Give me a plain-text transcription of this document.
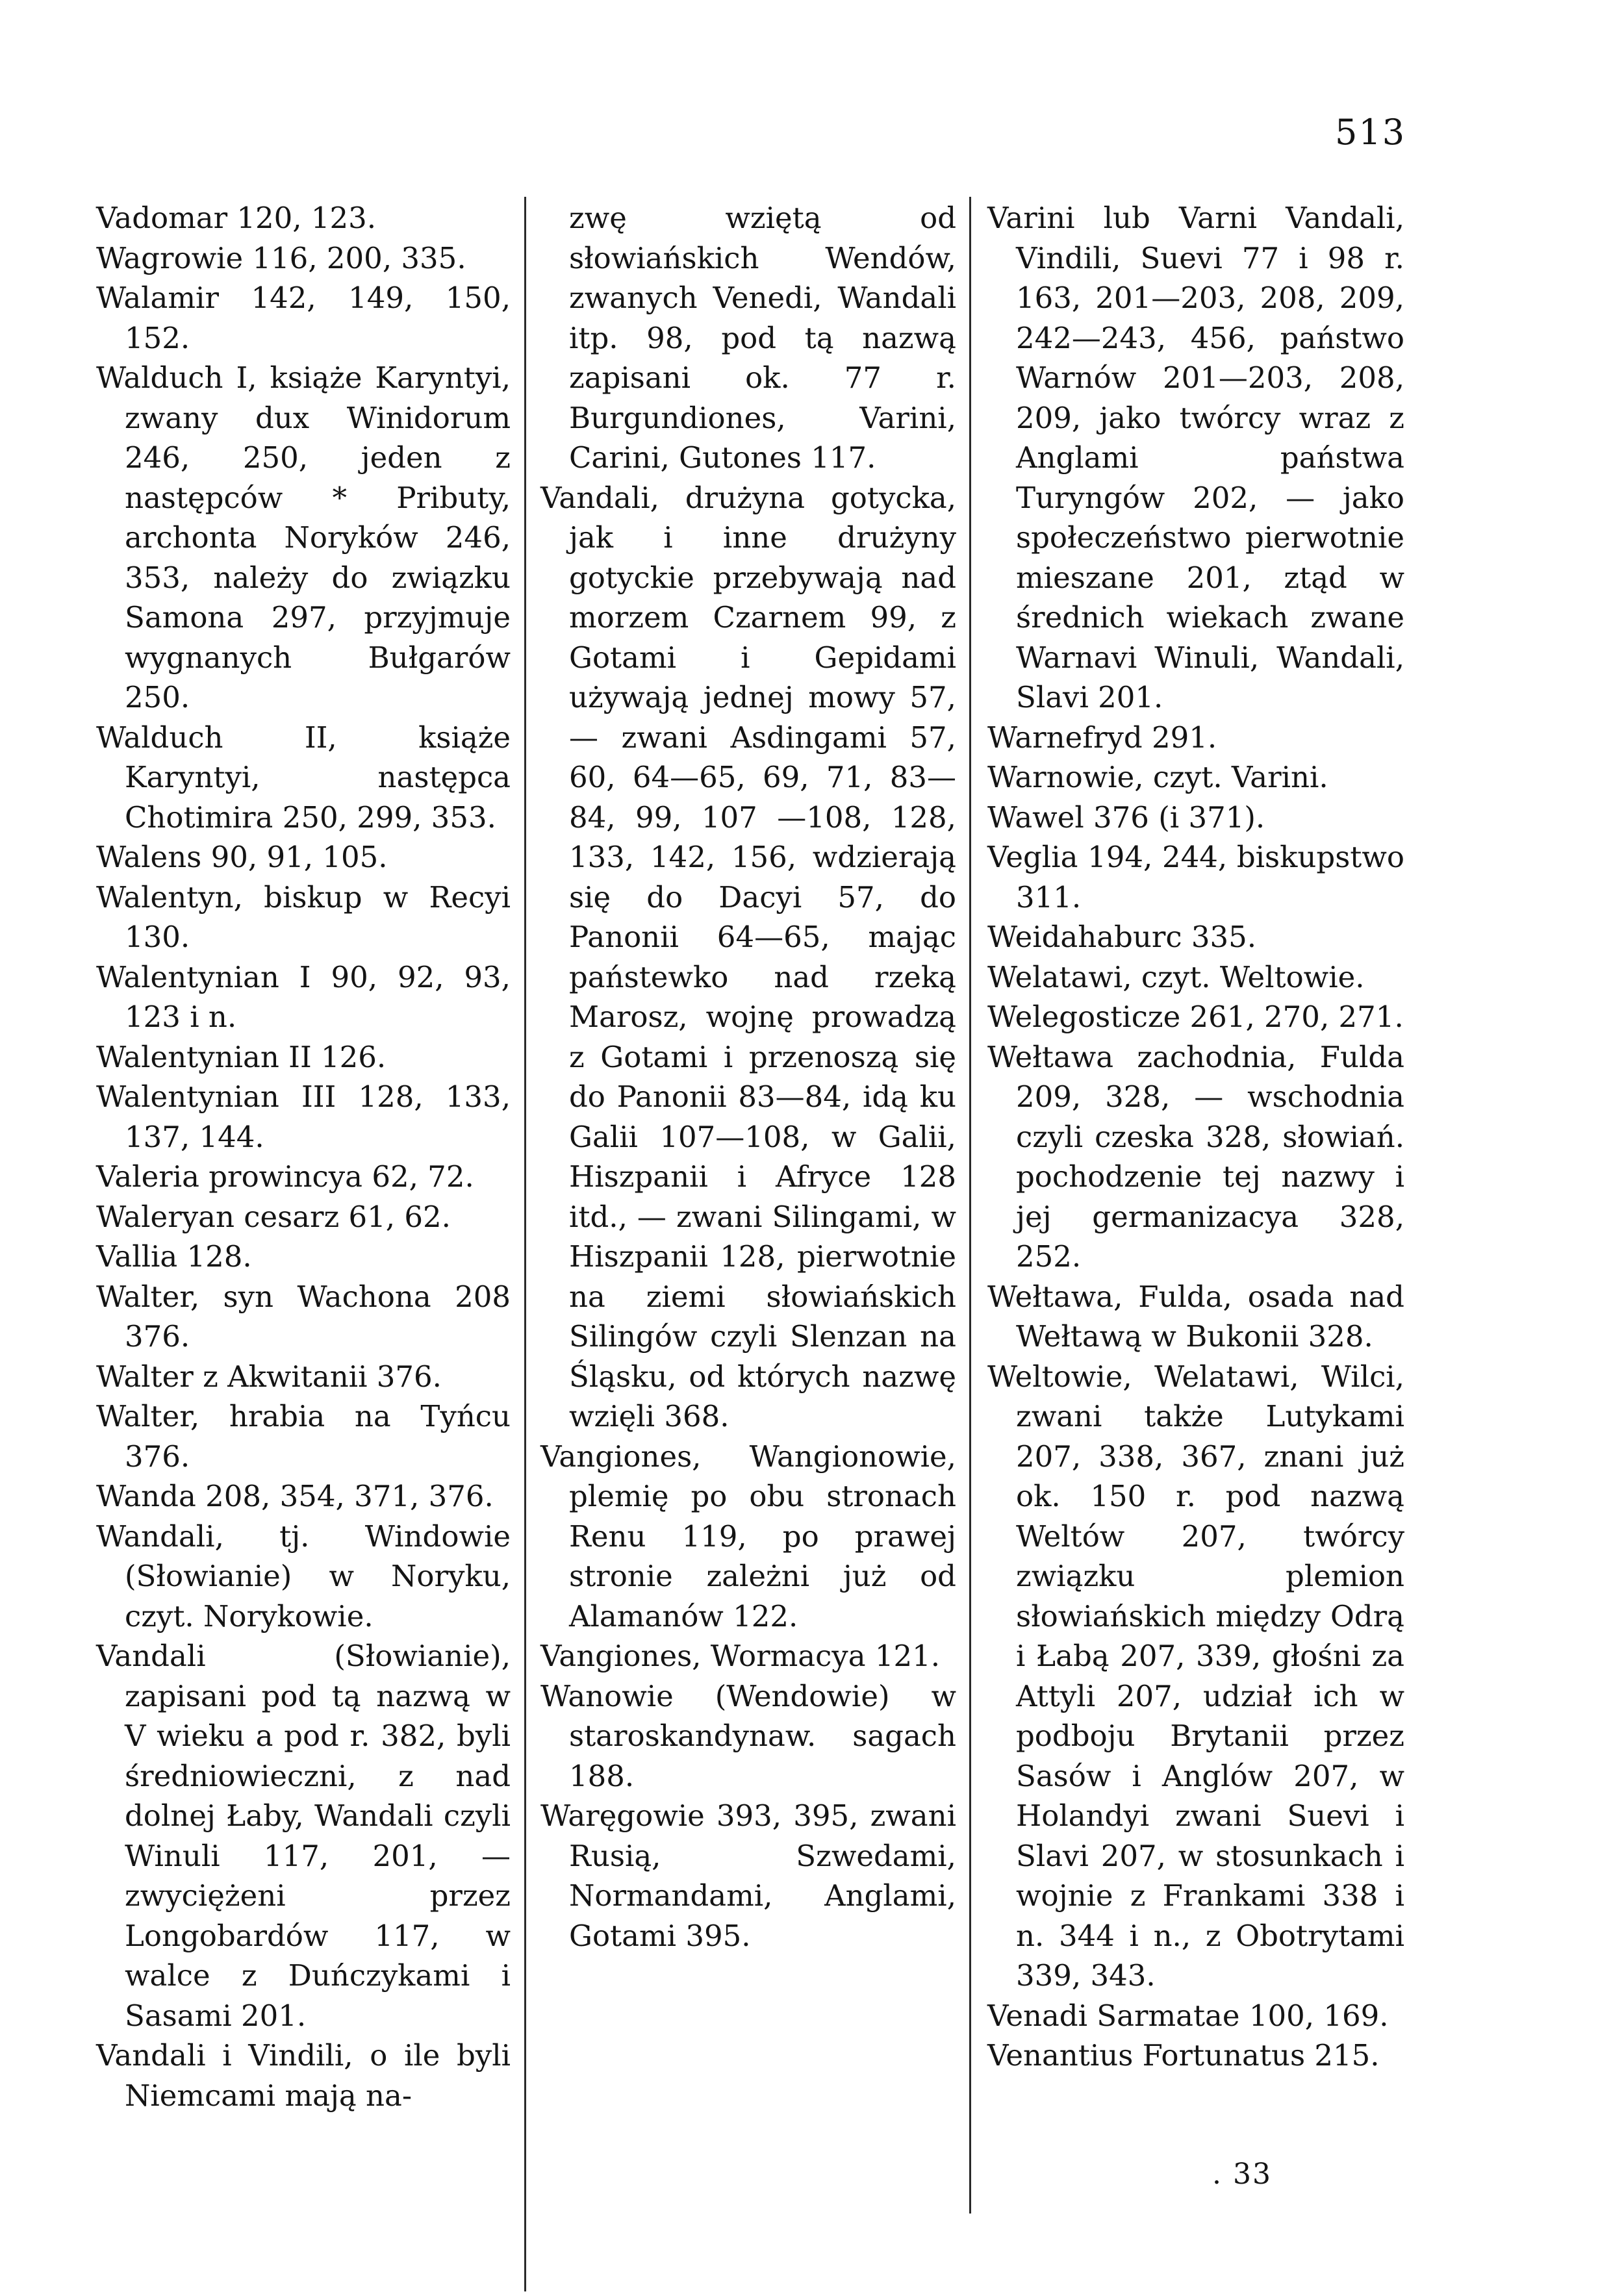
513
Vadomar 120, 123.
Wagrowie 116, 200, 335.
Walamir 142, 149, 150, 152.
Walduch I, książe Karyntyi, zwany dux Winidorum 246, 250, jeden z następców * Pributy, archonta Noryków 246, 353, należy do związku Samona 297, przyjmuje wygnanych Bułgarów 250.
Walduch II, książe Karyntyi, następca Chotimira 250, 299, 353.
Walens 90, 91, 105.
Walentyn, biskup w Recyi 130.
Walentynian I 90, 92, 93, 123 i n.
Walentynian II 126.
Walentynian III 128, 133, 137, 144.
Valeria prowincya 62, 72.
Waleryan cesarz 61, 62.
Vallia 128.
Walter, syn Wachona 208 376.
Walter z Akwitanii 376.
Walter, hrabia na Tyńcu 376.
Wanda 208, 354, 371, 376.
Wandali, tj. Windowie (Słowianie) w Noryku, czyt. Norykowie.
Vandali (Słowianie), zapisani pod tą nazwą w V wieku a pod r. 382, byli średniowieczni, z nad dolnej Łaby, Wandali czyli Winuli 117, 201, — zwyciężeni przez Longobardów 117, w walce z Duńczykami i Sasami 201.
Vandali i Vindili, o ile byli Niemcami mają na-
zwę wziętą od słowiańskich Wendów, zwanych Venedi, Wandali itp. 98, pod tą nazwą zapisani ok. 77 r. Burgundiones, Varini, Carini, Gutones 117.
Vandali, drużyna gotycka, jak i inne drużyny gotyckie przebywają nad morzem Czarnem 99, z Gotami i Gepidami używają jednej mowy 57, — zwani Asdingami 57, 60, 64—65, 69, 71, 83—84, 99, 107 —108, 128, 133, 142, 156, wdzierają się do Dacyi 57, do Panonii 64—65, mając państewko nad rzeką Marosz, wojnę prowadzą z Gotami i przenoszą się do Panonii 83—84, idą ku Galii 107—108, w Galii, Hiszpanii i Afryce 128 itd., — zwani Silingami, w Hiszpanii 128, pierwotnie na ziemi słowiańskich Silingów czyli Slenzan na Śląsku, od których nazwę wzięli 368.
Vangiones, Wangionowie, plemię po obu stronach Renu 119, po prawej stronie zależni już od Alamanów 122.
Vangiones, Wormacya 121.
Wanowie (Wendowie) w staroskandynaw. sagach 188.
Waręgowie 393, 395, zwani Rusią, Szwedami, Normandami, Anglami, Gotami 395.
Varini lub Varni Vandali, Vindili, Suevi 77 i 98 r. 163, 201—203, 208, 209, 242—243, 456, państwo Warnów 201—203, 208, 209, jako twórcy wraz z Anglami państwa Turyngów 202, — jako społeczeństwo pierwotnie mieszane 201, ztąd w średnich wiekach zwane Warnavi Winuli, Wandali, Slavi 201.
Warnefryd 291.
Warnowie, czyt. Varini.
Wawel 376 (i 371).
Veglia 194, 244, biskupstwo 311.
Weidahaburc 335.
Welatawi, czyt. Weltowie.
Welegosticze 261, 270, 271.
Wełtawa zachodnia, Fulda 209, 328, — wschodnia czyli czeska 328, słowiań. pochodzenie tej nazwy i jej germanizacya 328, 252.
Wełtawa, Fulda, osada nad Wełtawą w Bukonii 328.
Weltowie, Welatawi, Wilci, zwani także Lutykami 207, 338, 367, znani już ok. 150 r. pod nazwą Weltów 207, twórcy związku plemion słowiańskich między Odrą i Łabą 207, 339, głośni za Attyli 207, udział ich w podboju Brytanii przez Sasów i Anglów 207, w Holandyi zwani Suevi i Slavi 207, w stosunkach i wojnie z Frankami 338 i n. 344 i n., z Obotrytami 339, 343.
Venadi Sarmatae 100, 169.
Venantius Fortunatus 215.
. 33
